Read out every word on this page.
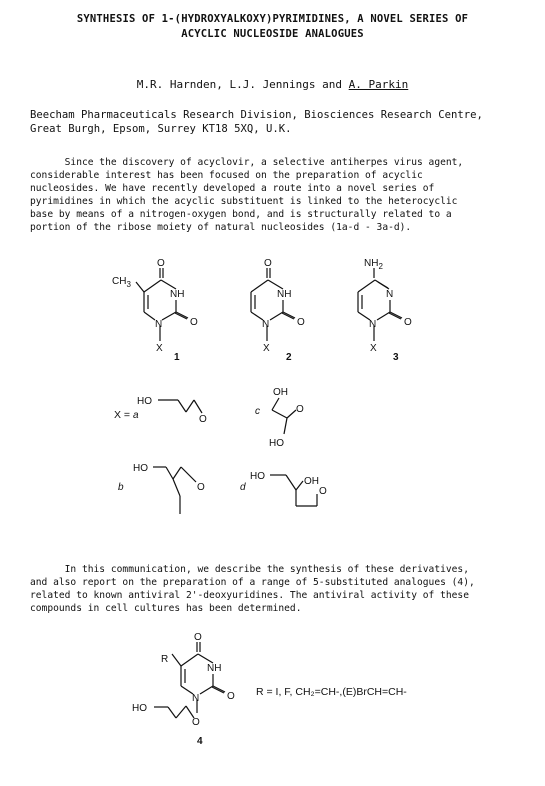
SYNTHESIS OF 1-(HYDROXYALKOXY)PYRIMIDINES, A NOVEL SERIES OF
ACYCLIC NUCLEOSIDE ANALOGUES
M.R. Harnden, L.J. Jennings and A. Parkin
Beecham Pharmaceuticals Research Division, Biosciences Research Centre,
Great Burgh, Epsom, Surrey KT18 5XQ, U.K.
Since the discovery of acyclovir, a selective antiherpes virus agent,
considerable interest has been focused on the preparation of acyclic
nucleosides. We have recently developed a route into a novel series of
pyrimidines in which the acyclic substituent is linked to the heterocyclic
base by means of a nitrogen-oxygen bond, and is structurally related to a
portion of the ribose moiety of natural nucleosides (1a-d - 3a-d).
O
NH
O
N
X
$CH_3$
1
O
NH
O
N
X
2
$NH_2$
N
O
N
X
3
X = a
HO
O
c
OH
O
HO
b
HO
O	d
HO	OH
O
In this communication, we describe the synthesis of these derivatives,
and also report on the preparation of a range of 5-substituted analogues (4),
related to known antiviral 2'-deoxyuridines. The antiviral activity of these
compounds in cell cultures has been determined.
O
R
NH
O
N
HO
O
4
R = I, F, CH₂=CH-,(E)BrCH=CH-
